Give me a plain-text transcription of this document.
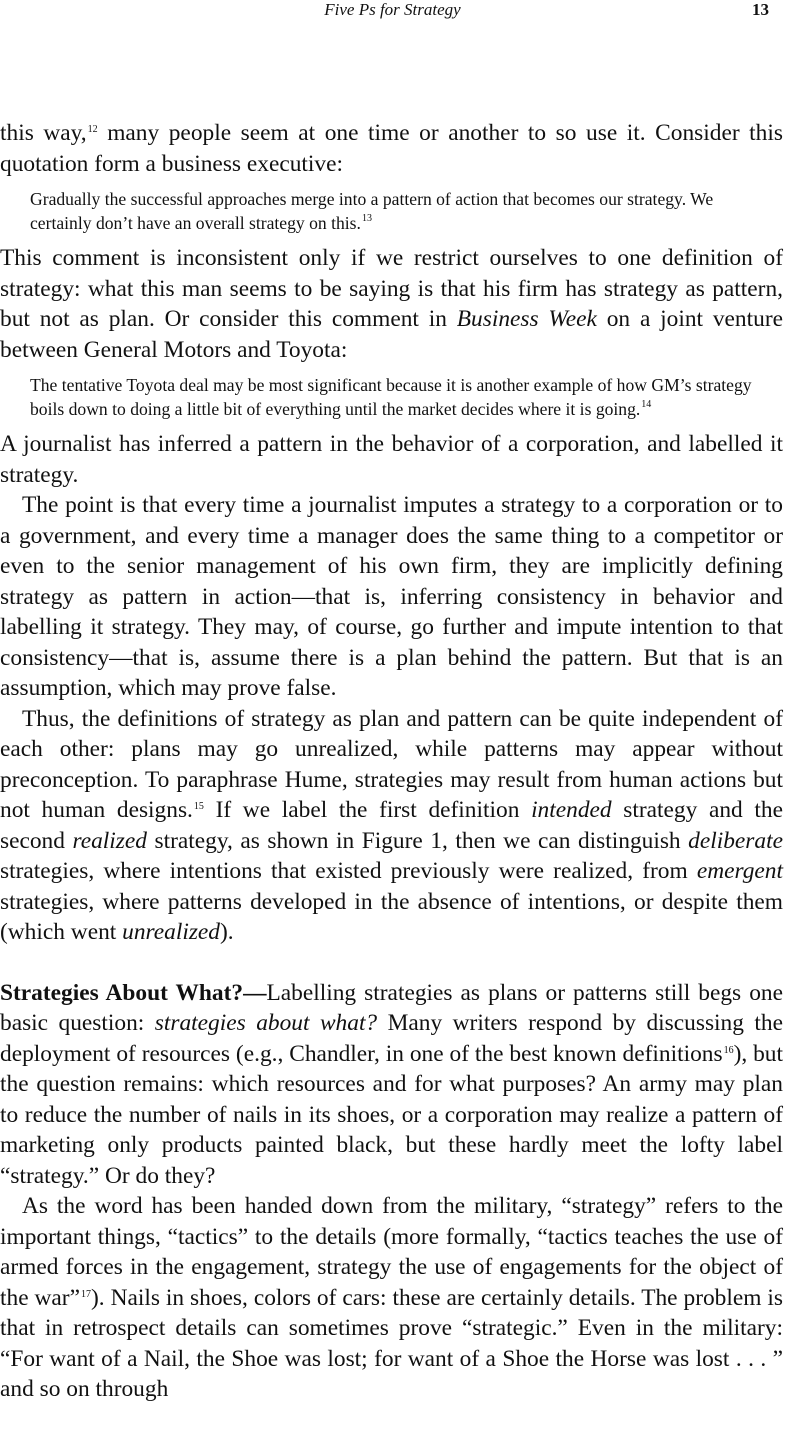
Five Ps for Strategy	13

this way,$^{12}$ many people seem at one time or another to so use it. Consider this quotation form a business executive:

Gradually the successful approaches merge into a pattern of action that becomes our strategy. We certainly don’t have an overall strategy on this.$^{13}$

This comment is inconsistent only if we restrict ourselves to one definition of strategy: what this man seems to be saying is that his firm has strategy as pattern, but not as plan. Or consider this comment in Business Week on a joint venture between General Motors and Toyota:

The tentative Toyota deal may be most significant because it is another example of how GM’s strategy boils down to doing a little bit of everything until the market decides where it is going.$^{14}$

A journalist has inferred a pattern in the behavior of a corporation, and labelled it strategy.

The point is that every time a journalist imputes a strategy to a corporation or to a government, and every time a manager does the same thing to a competitor or even to the senior management of his own firm, they are implicitly defining strategy as pattern in action—that is, inferring consistency in behavior and labelling it strategy. They may, of course, go further and impute intention to that consistency—that is, assume there is a plan behind the pattern. But that is an assumption, which may prove false.

Thus, the definitions of strategy as plan and pattern can be quite independent of each other: plans may go unrealized, while patterns may appear without preconception. To paraphrase Hume, strategies may result from human actions but not human designs.$^{15}$ If we label the first definition intended strategy and the second realized strategy, as shown in Figure 1, then we can distinguish deliberate strategies, where intentions that existed previously were realized, from emergent strategies, where patterns developed in the absence of intentions, or despite them (which went unrealized).

Strategies About What?—Labelling strategies as plans or patterns still begs one basic question: strategies about what? Many writers respond by discussing the deployment of resources (e.g., Chandler, in one of the best known definitions$^{16}$), but the question remains: which resources and for what purposes? An army may plan to reduce the number of nails in its shoes, or a corporation may realize a pattern of marketing only products painted black, but these hardly meet the lofty label “strategy.” Or do they?

As the word has been handed down from the military, “strategy” refers to the important things, “tactics” to the details (more formally, “tactics teaches the use of armed forces in the engagement, strategy the use of engagements for the object of the war”$^{17}$). Nails in shoes, colors of cars: these are certainly details. The problem is that in retrospect details can sometimes prove “strategic.” Even in the military: “For want of a Nail, the Shoe was lost; for want of a Shoe the Horse was lost . . . ” and so on through
